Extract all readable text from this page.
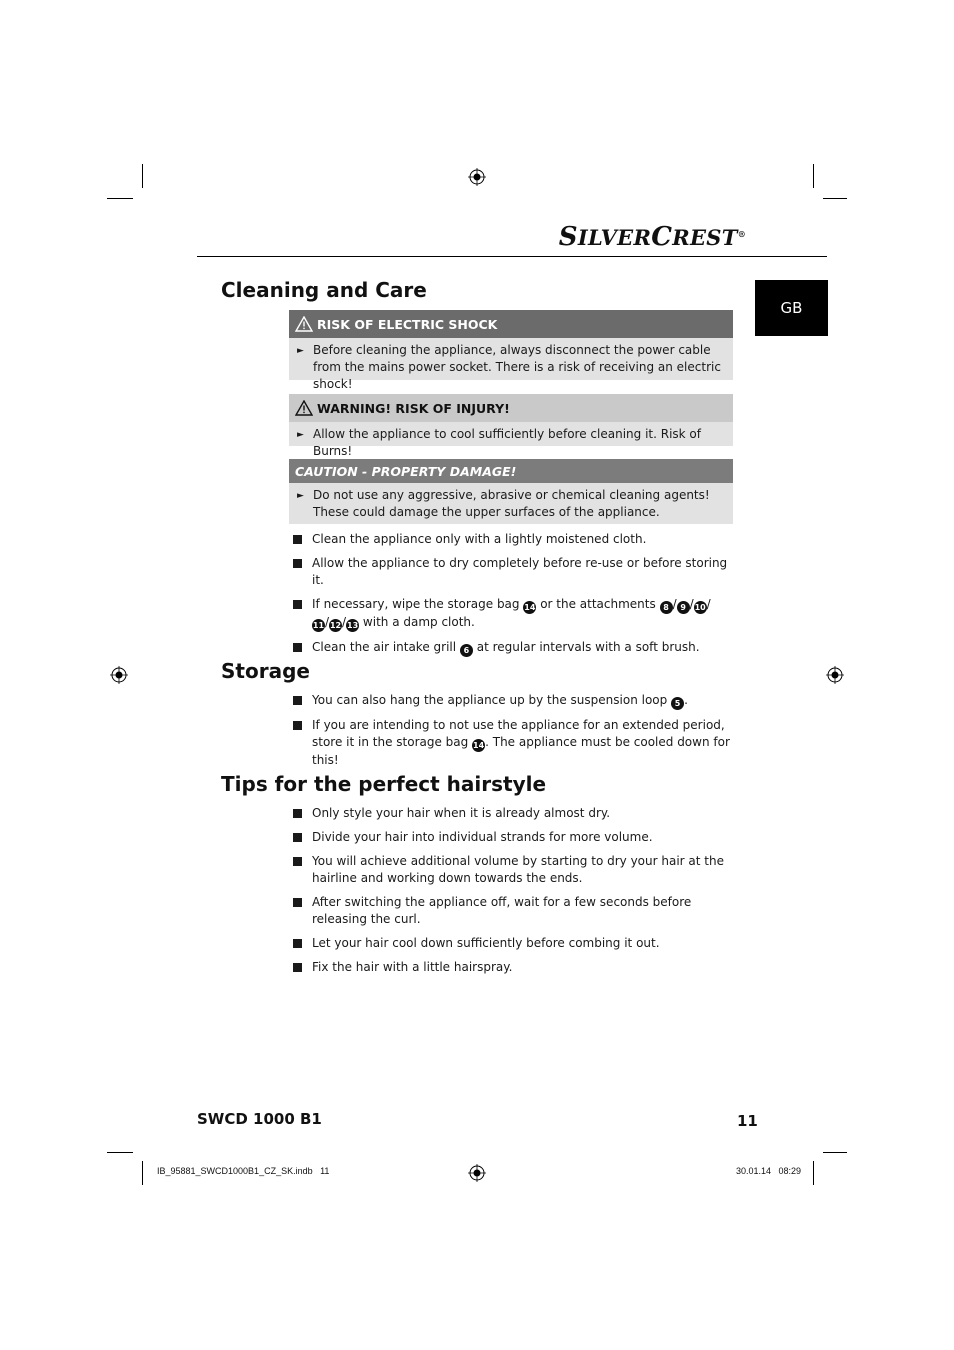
SILVERCREST®
GB
Cleaning and Care
RISK OF ELECTRIC SHOCK
► Before cleaning the appliance, always disconnect the power cable from the mains power socket. There is a risk of receiving an electric shock!
WARNING! RISK OF INJURY!
► Allow the appliance to cool sufficiently before cleaning it. Risk of Burns!
CAUTION - PROPERTY DAMAGE!
► Do not use any aggressive, abrasive or chemical cleaning agents! These could damage the upper surfaces of the appliance.
Clean the appliance only with a lightly moistened cloth.
Allow the appliance to dry completely before re-use or before storing it.
If necessary, wipe the storage bag 14 or the attachments 8 / 9 /10/
11/12/13 with a damp cloth.
Clean the air intake grill 6 at regular intervals with a soft brush.
Storage
You can also hang the appliance up by the suspension loop 5 .
If you are intending to not use the appliance for an extended period, store it in the storage bag 14. The appliance must be cooled down for this!
Tips for the perfect hairstyle
Only style your hair when it is already almost dry.
Divide your hair into individual strands for more volume.
You will achieve additional volume by starting to dry your hair at the hairline and working down towards the ends.
After switching the appliance off, wait for a few seconds before releasing the curl.
Let your hair cool down sufficiently before combing it out.
Fix the hair with a little hairspray.
SWCD 1000 B1	11
IB_95881_SWCD1000B1_CZ_SK.indb   11	30.01.14   08:29
